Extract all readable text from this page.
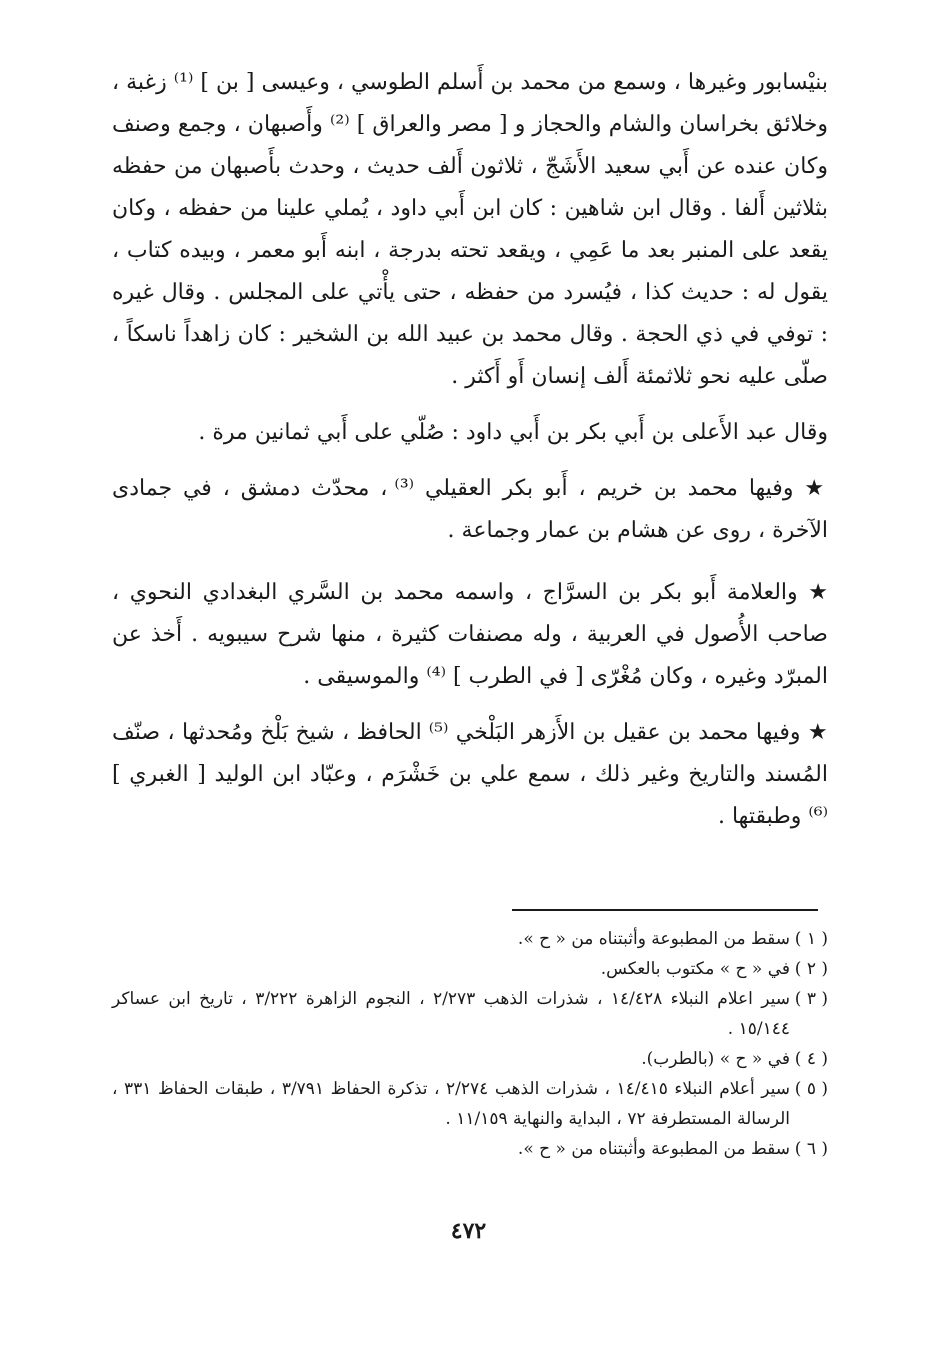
بنيْسابور وغيرها ، وسمع من محمد بن أَسلم الطوسي ، وعيسى [ بن ] ⁽¹⁾ زغبة ، وخلائق بخراسان والشام والحجاز و [ مصر والعراق ] ⁽²⁾ وأَصبهان ، وجمع وصنف وكان عنده عن أَبي سعيد الأَشَجّ ، ثلاثون أَلف حديث ، وحدث بأَصبهان من حفظه بثلاثين أَلفا . وقال ابن شاهين : كان ابن أَبي داود ، يُملي علينا من حفظه ، وكان يقعد على المنبر بعد ما عَمِي ، ويقعد تحته بدرجة ، ابنه أَبو معمر ، وبيده كتاب ، يقول له : حديث كذا ، فيُسرد من حفظه ، حتى يأْتي على المجلس . وقال غيره : توفي في ذي الحجة . وقال محمد بن عبيد الله بن الشخير : كان زاهداً ناسكاً ، صلّى عليه نحو ثلاثمئة أَلف إنسان أَو أَكثر .

وقال عبد الأَعلى بن أَبي بكر بن أَبي داود : صُلّي على أَبي ثمانين مرة .

★ وفيها محمد بن خريم ، أَبو بكر العقيلي ⁽³⁾ ، محدّث دمشق ، في جمادى الآخرة ، روى عن هشام بن عمار وجماعة .

★ والعلامة أَبو بكر بن السرَّاج ، واسمه محمد بن السَّري البغدادي النحوي ، صاحب الأُصول في العربية ، وله مصنفات كثيرة ، منها شرح سيبويه . أَخذ عن المبرّد وغيره ، وكان مُغْرّى [ في الطرب ] ⁽⁴⁾ والموسيقى .

★ وفيها محمد بن عقيل بن الأَزهر البَلْخي ⁽⁵⁾ الحافظ ، شيخ بَلْخ ومُحدثها ، صنّف المُسند والتاريخ وغير ذلك ، سمع علي بن خَشْرَم ، وعبّاد ابن الوليد [ الغبري ] ⁽⁶⁾ وطبقتها .

( ١ )
سقط من المطبوعة وأثبتناه من « ح ».

( ٢ )
في « ح » مكتوب بالعكس.

( ٣ )
سير اعلام النبلاء ١٤/٤٢٨ ، شذرات الذهب ٢/٢٧٣ ، النجوم الزاهرة ٣/٢٢٢ ، تاريخ ابن عساكر ١٥/١٤٤ .

( ٤ )
في « ح » (بالطرب).

( ٥ )
سير أعلام النبلاء ١٤/٤١٥ ، شذرات الذهب ٢/٢٧٤ ، تذكرة الحفاظ ٣/٧٩١ ، طبقات الحفاظ ٣٣١ ، الرسالة المستطرفة ٧٢ ، البداية والنهاية ١١/١٥٩ .

( ٦ )
سقط من المطبوعة وأثبتناه من « ح ».

٤٧٢
